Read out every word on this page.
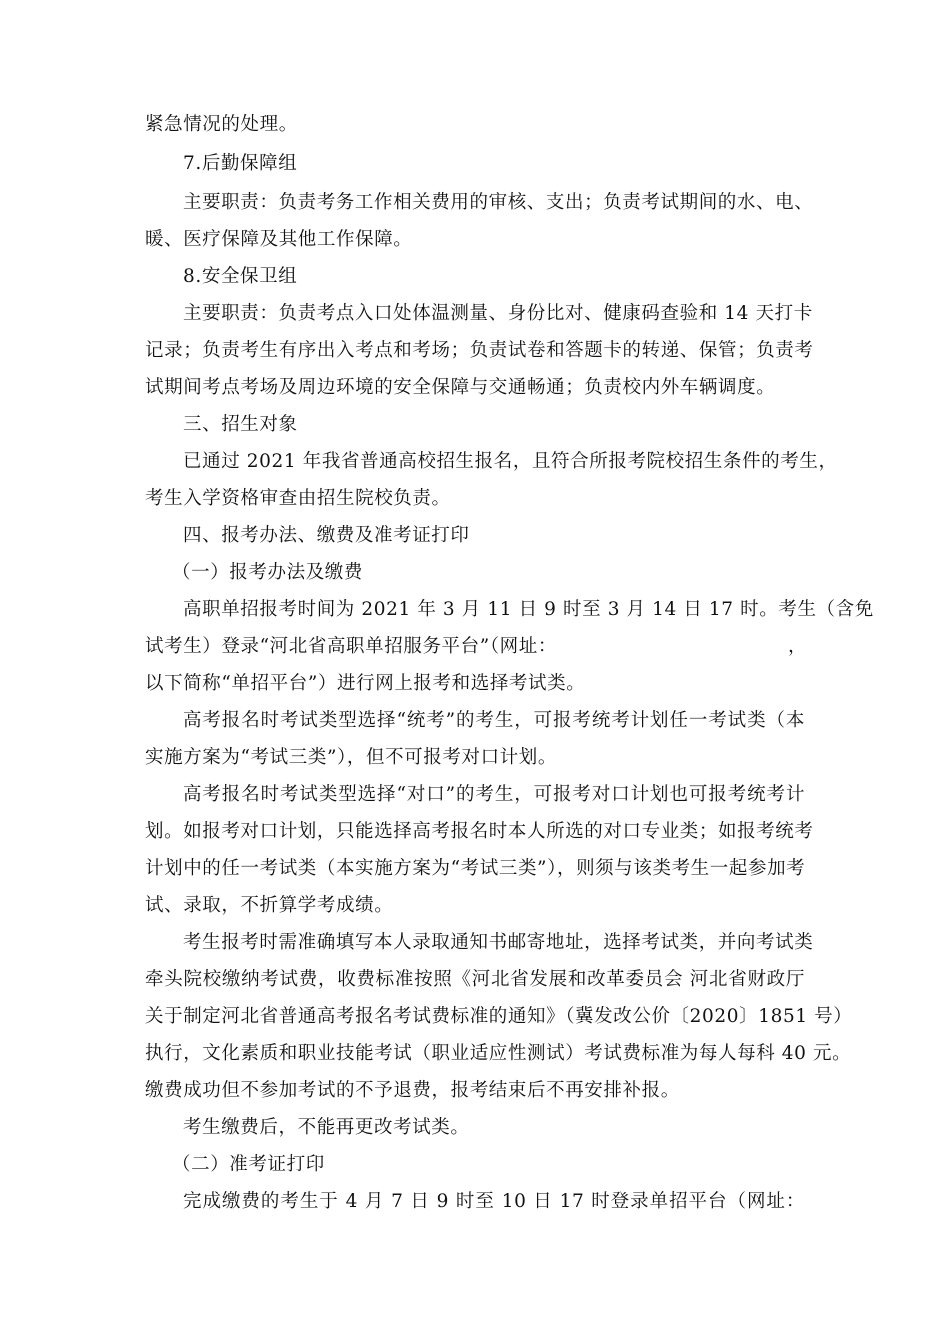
紧急情况的处理。
7.后勤保障组
主要职责：负责考务工作相关费用的审核、支出；负责考试期间的水、电、
暖、医疗保障及其他工作保障。
8.安全保卫组
主要职责：负责考点入口处体温测量、身份比对、健康码查验和 14 天打卡
记录；负责考生有序出入考点和考场；负责试卷和答题卡的转递、保管；负责考
试期间考点考场及周边环境的安全保障与交通畅通；负责校内外车辆调度。
三、招生对象
已通过 2021 年我省普通高校招生报名，且符合所报考院校招生条件的考生，
考生入学资格审查由招生院校负责。
四、报考办法、缴费及准考证打印
（一）报考办法及缴费
高职单招报考时间为 2021 年 3 月 11 日 9 时至 3 月 14 日 17 时。考生（含免
试考生）登录“河北省高职单招服务平台”（网址：	，
以下简称“单招平台”）进行网上报考和选择考试类。
高考报名时考试类型选择“统考”的考生，可报考统考计划任一考试类（本
实施方案为“考试三类”），但不可报考对口计划。
高考报名时考试类型选择“对口”的考生，可报考对口计划也可报考统考计
划。如报考对口计划，只能选择高考报名时本人所选的对口专业类；如报考统考
计划中的任一考试类（本实施方案为“考试三类”），则须与该类考生一起参加考
试、录取，不折算学考成绩。
考生报考时需准确填写本人录取通知书邮寄地址，选择考试类，并向考试类
牵头院校缴纳考试费，收费标准按照《河北省发展和改革委员会 河北省财政厅
关于制定河北省普通高考报名考试费标准的通知》（冀发改公价〔2020〕1851 号）
执行，文化素质和职业技能考试（职业适应性测试）考试费标准为每人每科 40 元。
缴费成功但不参加考试的不予退费，报考结束后不再安排补报。
考生缴费后，不能再更改考试类。
（二）准考证打印
完成缴费的考生于 4 月 7 日 9 时至 10 日 17 时登录单招平台（网址：
